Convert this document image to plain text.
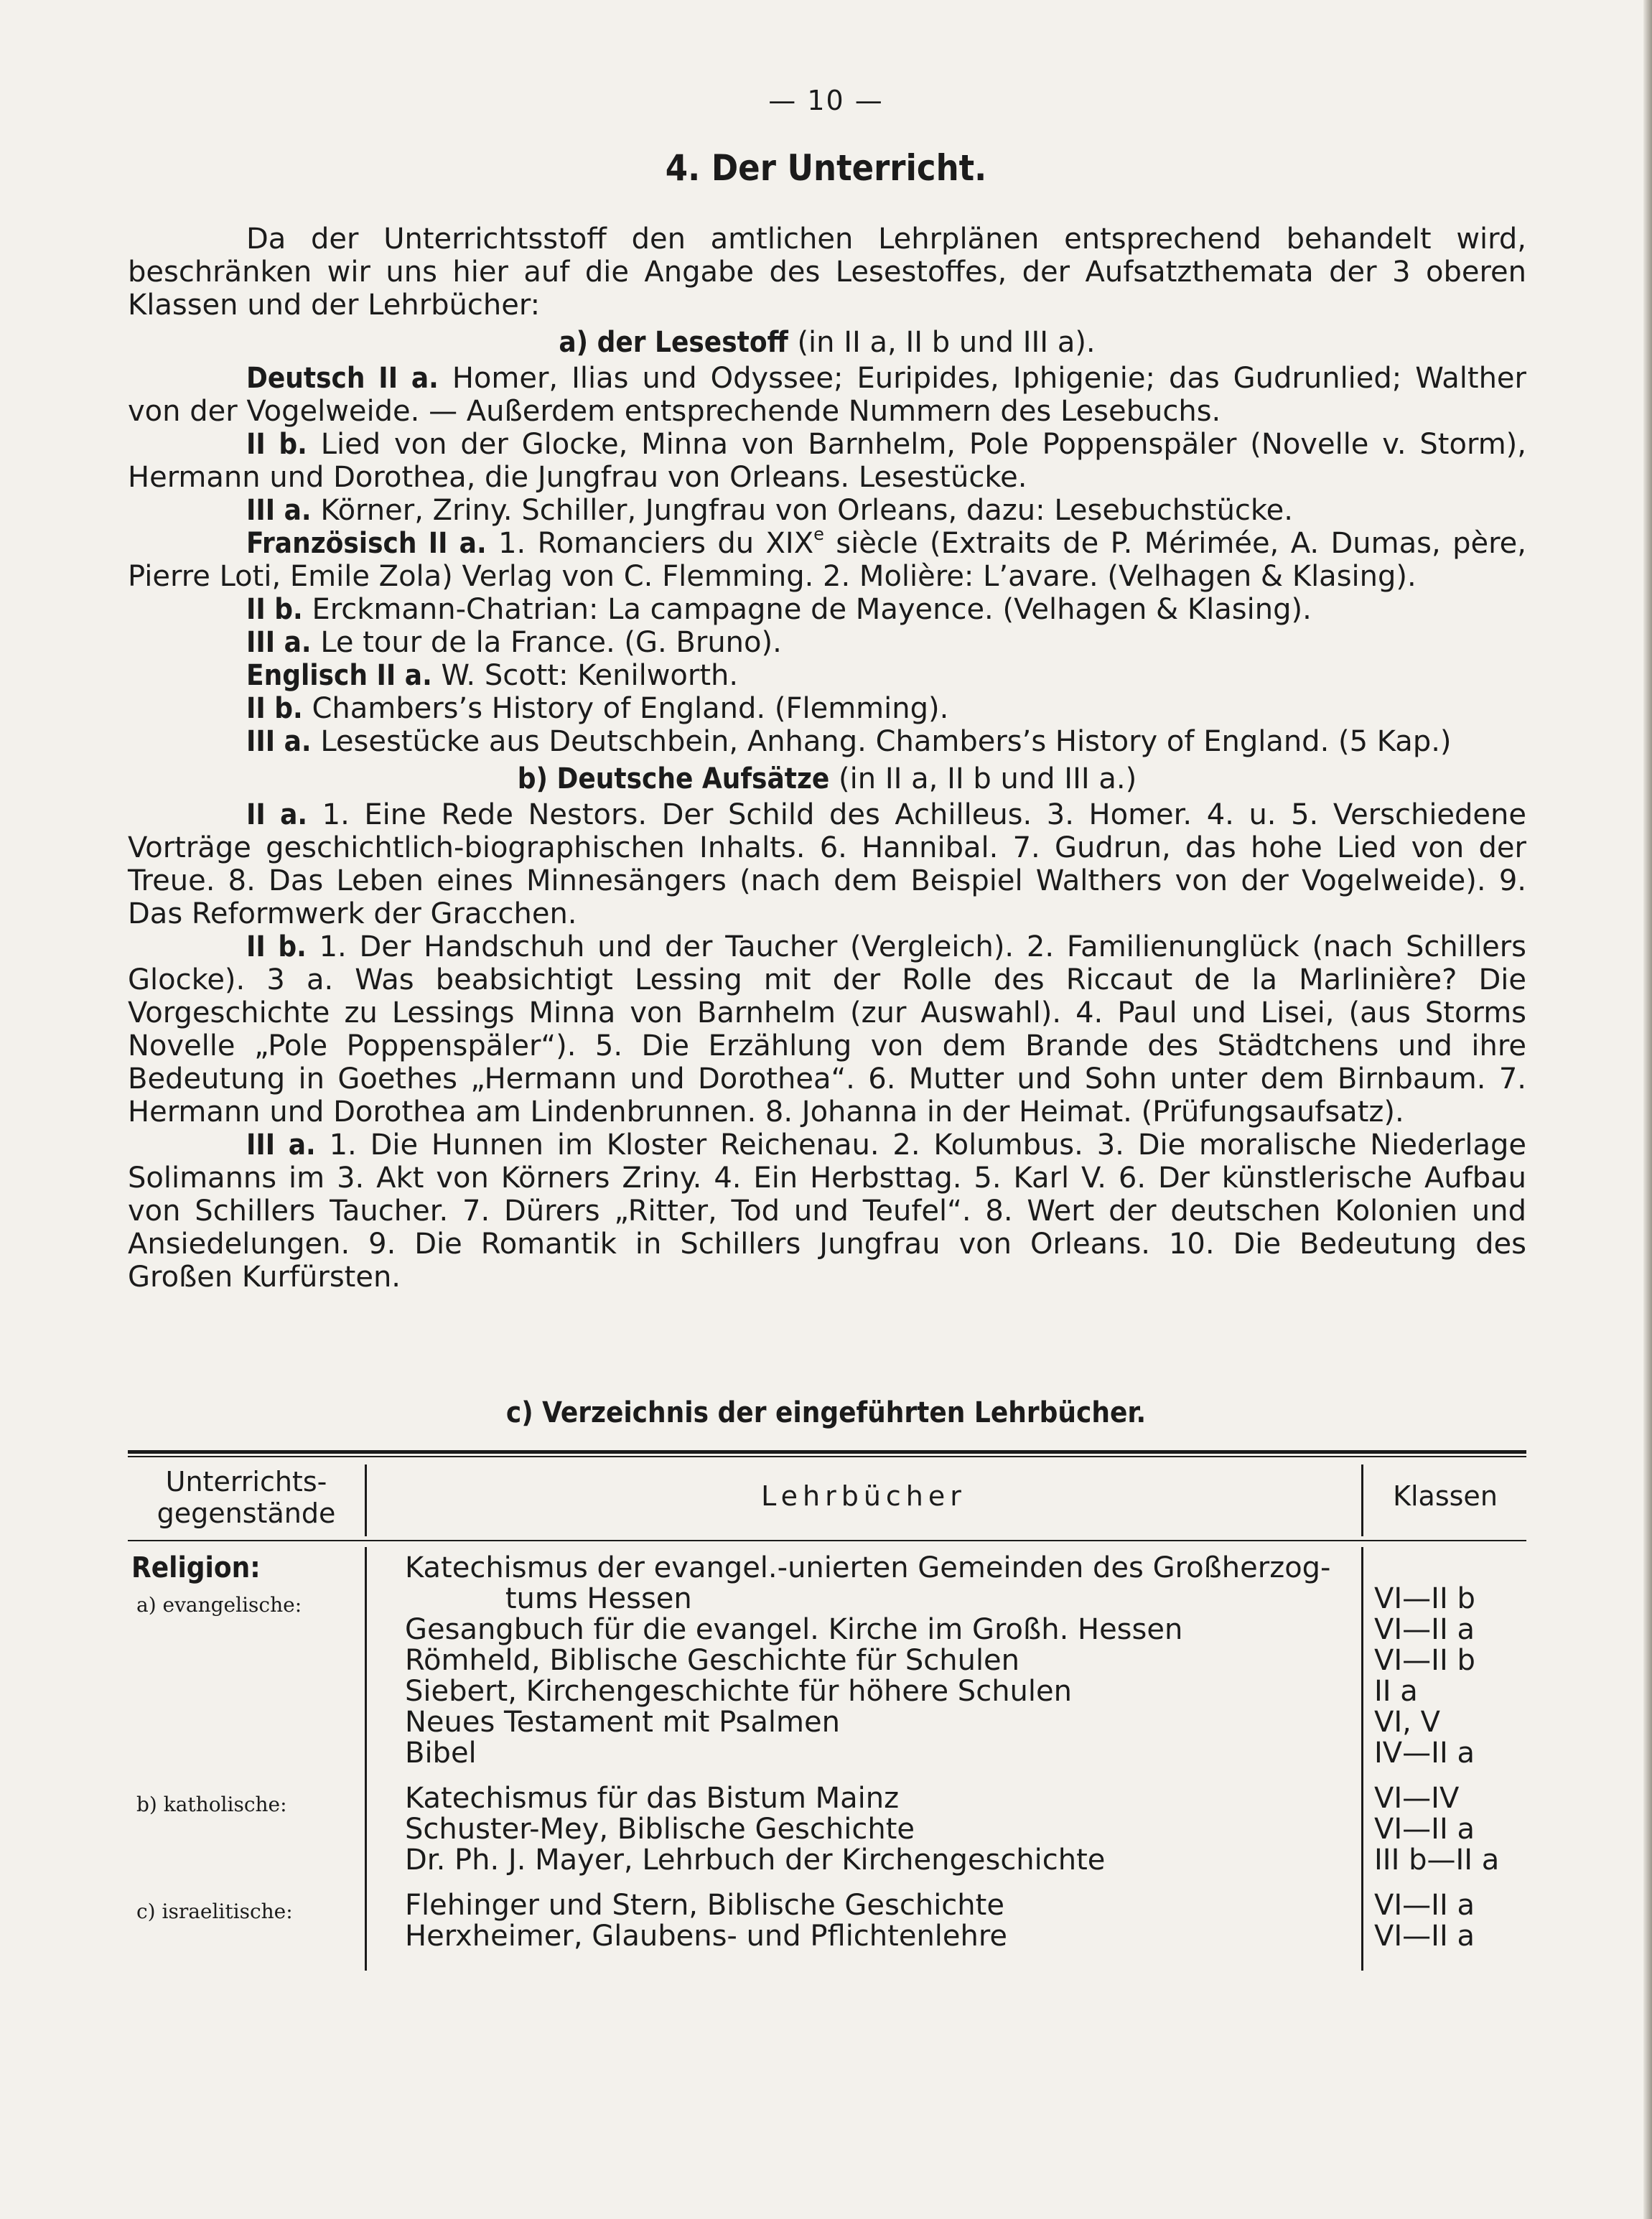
— 10 —
4. Der Unterricht.

Da der Unterrichtsstoff den amtlichen Lehrplänen entsprechend behandelt wird, beschränken wir uns hier auf die Angabe des Lesestoffes, der Aufsatzthemata der 3 oberen Klassen und der Lehrbücher:

a) der Lesestoff (in II a, II b und III a).

Deutsch II a. Homer, Ilias und Odyssee; Euripides, Iphigenie; das Gudrunlied; Walther von der Vogelweide. — Außerdem entsprechende Nummern des Lesebuchs.

II b. Lied von der Glocke, Minna von Barnhelm, Pole Poppenspäler (Novelle v. Storm), Hermann und Dorothea, die Jungfrau von Orleans. Lesestücke.

III a. Körner, Zriny. Schiller, Jungfrau von Orleans, dazu: Lesebuchstücke.

Französisch II a. 1. Romanciers du XIXe siècle (Extraits de P. Mérimée, A. Dumas, père, Pierre Loti, Emile Zola) Verlag von C. Flemming. 2. Molière: L’avare. (Velhagen & Klasing).

II b. Erckmann-Chatrian: La campagne de Mayence. (Velhagen & Klasing).

III a. Le tour de la France. (G. Bruno).

Englisch II a. W. Scott: Kenilworth.

II b. Chambers’s History of England. (Flemming).

III a. Lesestücke aus Deutschbein, Anhang. Chambers’s History of England. (5 Kap.)

b) Deutsche Aufsätze (in II a, II b und III a.)

II a. 1. Eine Rede Nestors. Der Schild des Achilleus. 3. Homer. 4. u. 5. Verschiedene Vorträge geschichtlich-biographischen Inhalts. 6. Hannibal. 7. Gudrun, das hohe Lied von der Treue. 8. Das Leben eines Minnesängers (nach dem Beispiel Walthers von der Vogelweide). 9. Das Reformwerk der Gracchen.

II b. 1. Der Handschuh und der Taucher (Vergleich). 2. Familienunglück (nach Schillers Glocke). 3 a. Was beabsichtigt Lessing mit der Rolle des Riccaut de la Marlinière? Die Vorgeschichte zu Lessings Minna von Barnhelm (zur Auswahl). 4. Paul und Lisei, (aus Storms Novelle „Pole Poppenspäler“). 5. Die Erzählung von dem Brande des Städtchens und ihre Bedeutung in Goethes „Hermann und Dorothea“. 6. Mutter und Sohn unter dem Birnbaum. 7. Hermann und Dorothea am Lindenbrunnen. 8. Johanna in der Heimat. (Prüfungsaufsatz).

III a. 1. Die Hunnen im Kloster Reichenau. 2. Kolumbus. 3. Die moralische Niederlage Solimanns im 3. Akt von Körners Zriny. 4. Ein Herbsttag. 5. Karl V. 6. Der künstlerische Aufbau von Schillers Taucher. 7. Dürers „Ritter, Tod und Teufel“. 8. Wert der deutschen Kolonien und Ansiedelungen. 9. Die Romantik in Schillers Jungfrau von Orleans. 10. Die Bedeutung des Großen Kurfürsten.

c) Verzeichnis der eingeführten Lehrbücher.
Unterrichts-
gegenstände
Lehrbücher	Klassen
Religion:
a) evangelische:
Katechismus der evangel.-unierten Gemeinden des Großherzog-
tums Hessen	VI—II b
Gesangbuch für die evangel. Kirche im Großh. Hessen	VI—II a
Römheld, Biblische Geschichte für Schulen	VI—II b
Siebert, Kirchengeschichte für höhere Schulen	II a
Neues Testament mit Psalmen	VI, V
Bibel	IV—II a
b) katholische:	Katechismus für das Bistum Mainz	VI—IV
Schuster-Mey, Biblische Geschichte	VI—II a
Dr. Ph. J. Mayer, Lehrbuch der Kirchengeschichte	III b—II a
c) israelitische:	Flehinger und Stern, Biblische Geschichte	VI—II a
Herxheimer, Glaubens- und Pflichtenlehre	VI—II a
